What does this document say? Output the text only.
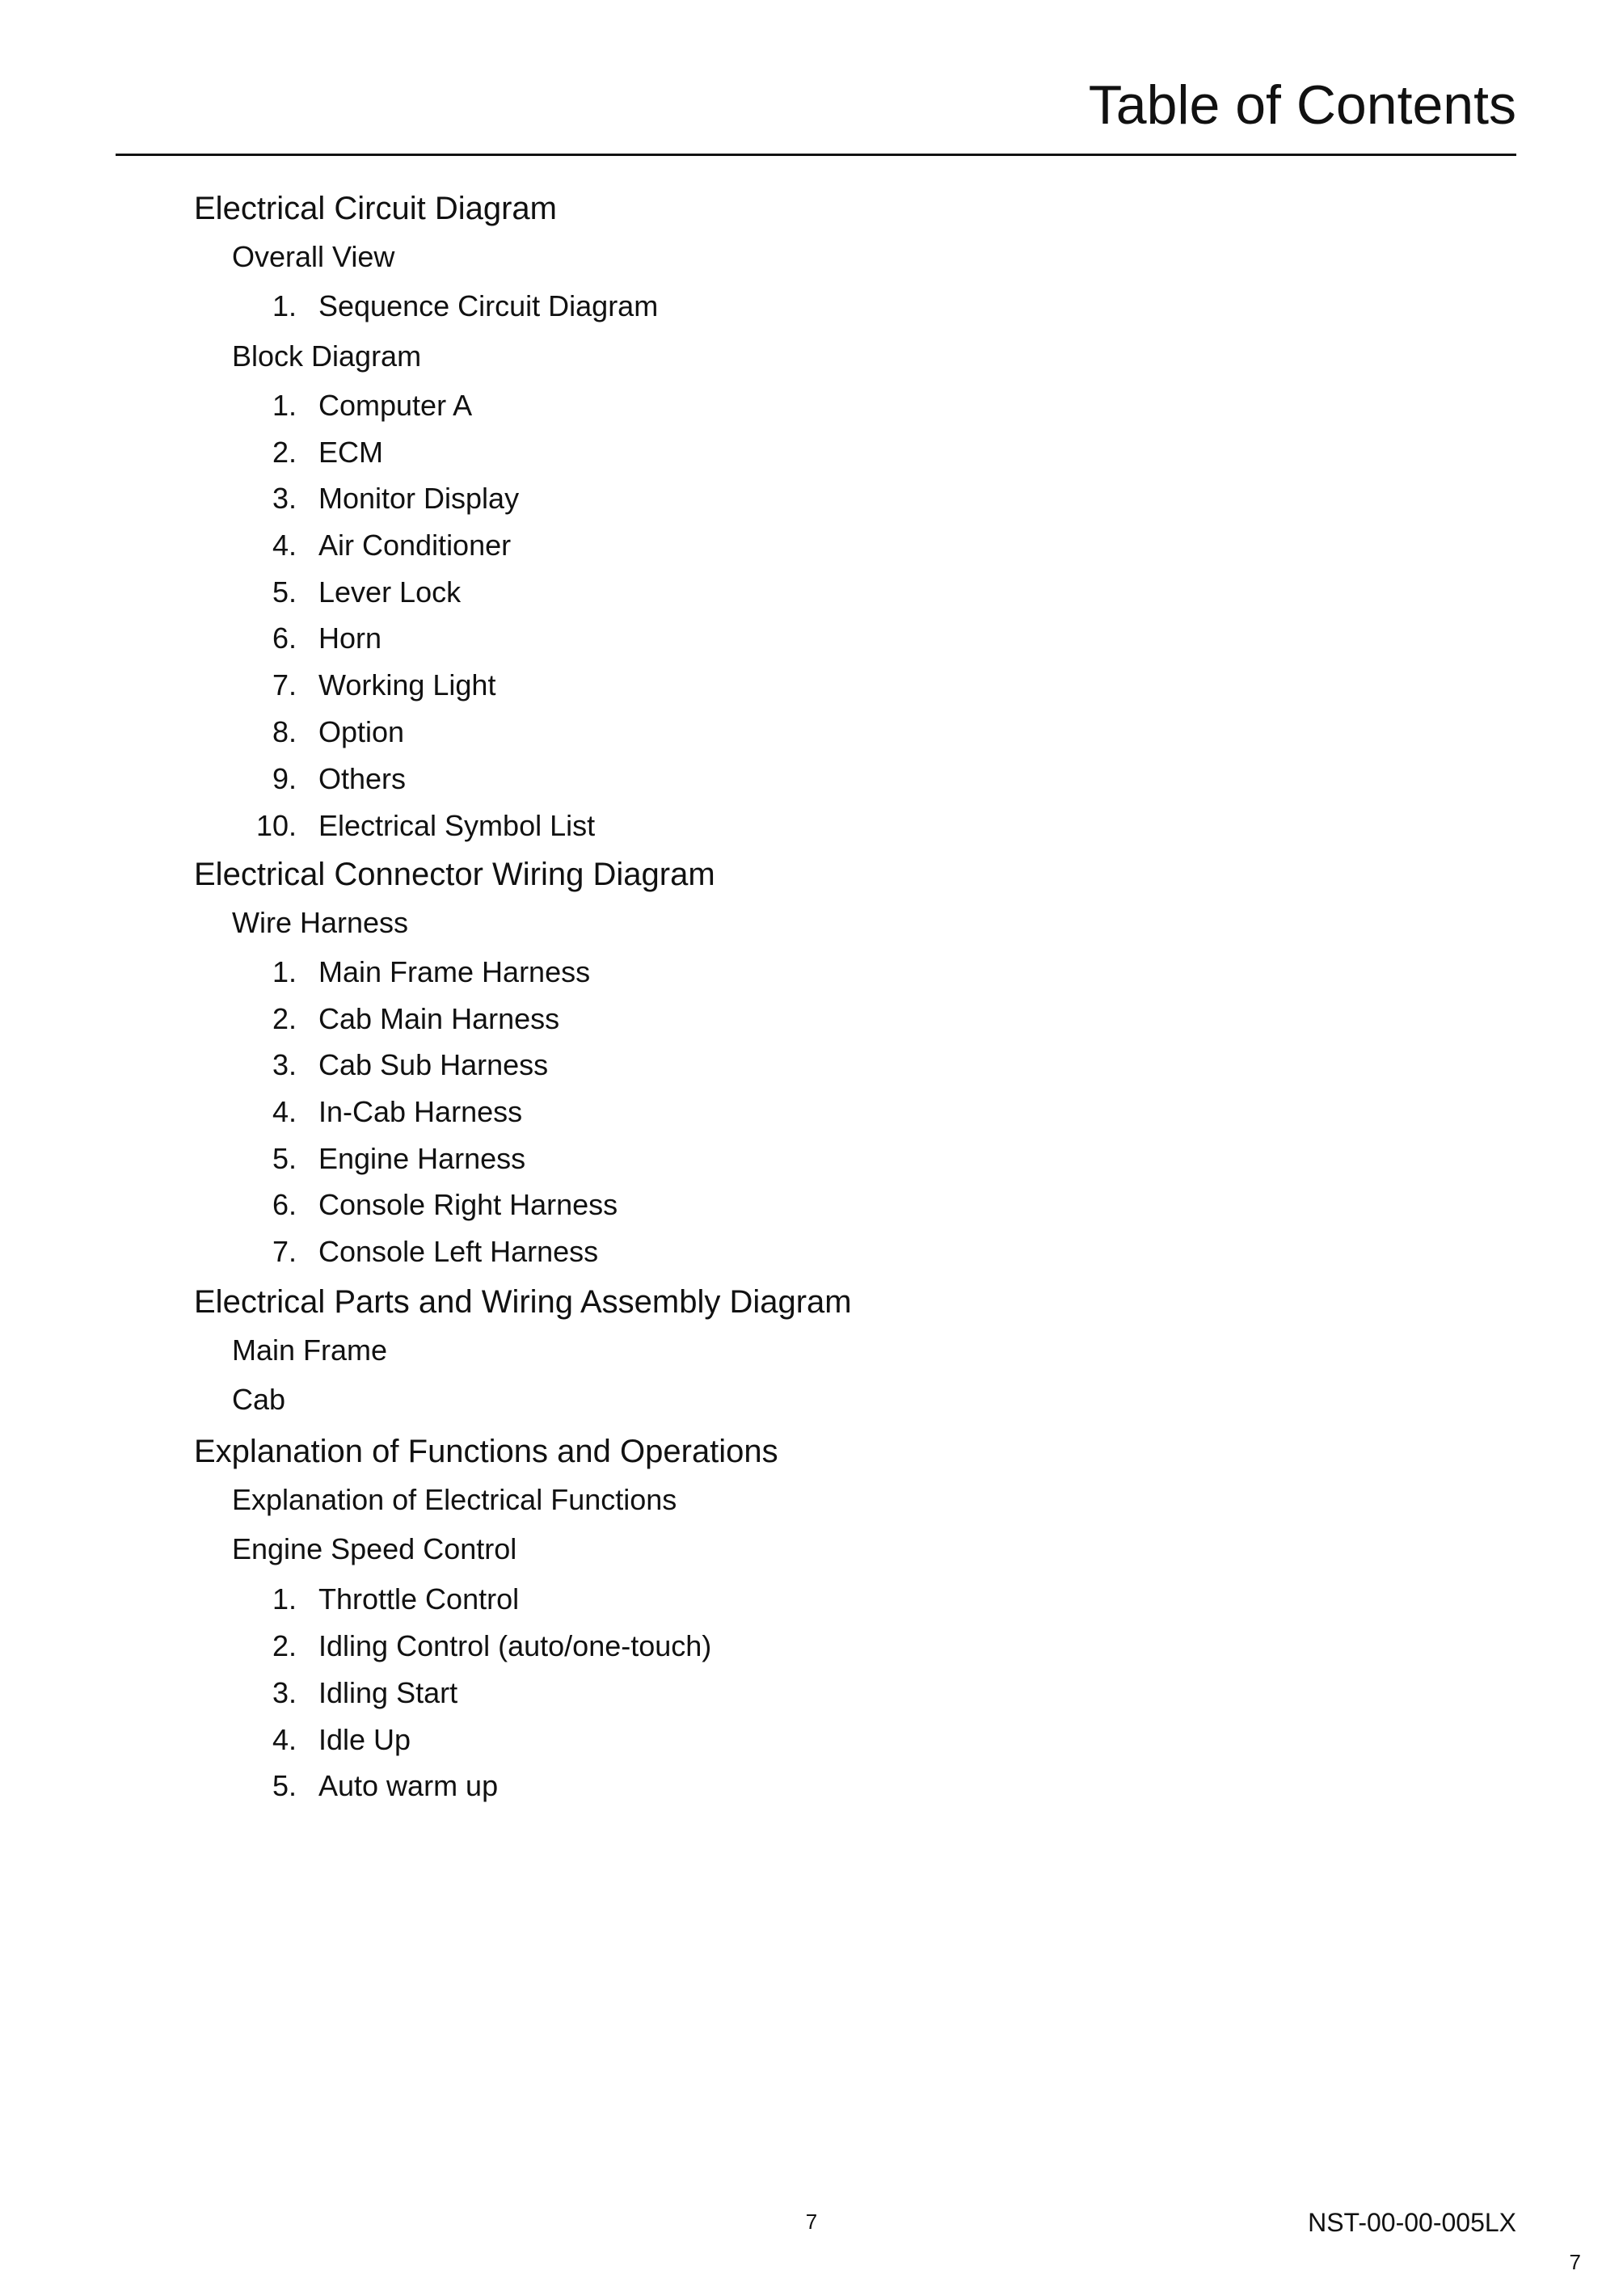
Table of Contents
Electrical Circuit Diagram
Overall View
1. Sequence Circuit Diagram
Block Diagram
1. Computer A
2. ECM
3. Monitor Display
4. Air Conditioner
5. Lever Lock
6. Horn
7. Working Light
8. Option
9. Others
10. Electrical Symbol List
Electrical Connector Wiring Diagram
Wire Harness
1. Main Frame Harness
2. Cab Main Harness
3. Cab Sub Harness
4. In-Cab Harness
5. Engine Harness
6. Console Right Harness
7. Console Left Harness
Electrical Parts and Wiring Assembly Diagram
Main Frame
Cab
Explanation of Functions and Operations
Explanation of Electrical Functions
Engine Speed Control
1. Throttle Control
2. Idling Control (auto/one-touch)
3. Idling Start
4. Idle Up
5. Auto warm up
7	NST-00-00-005LX
7
